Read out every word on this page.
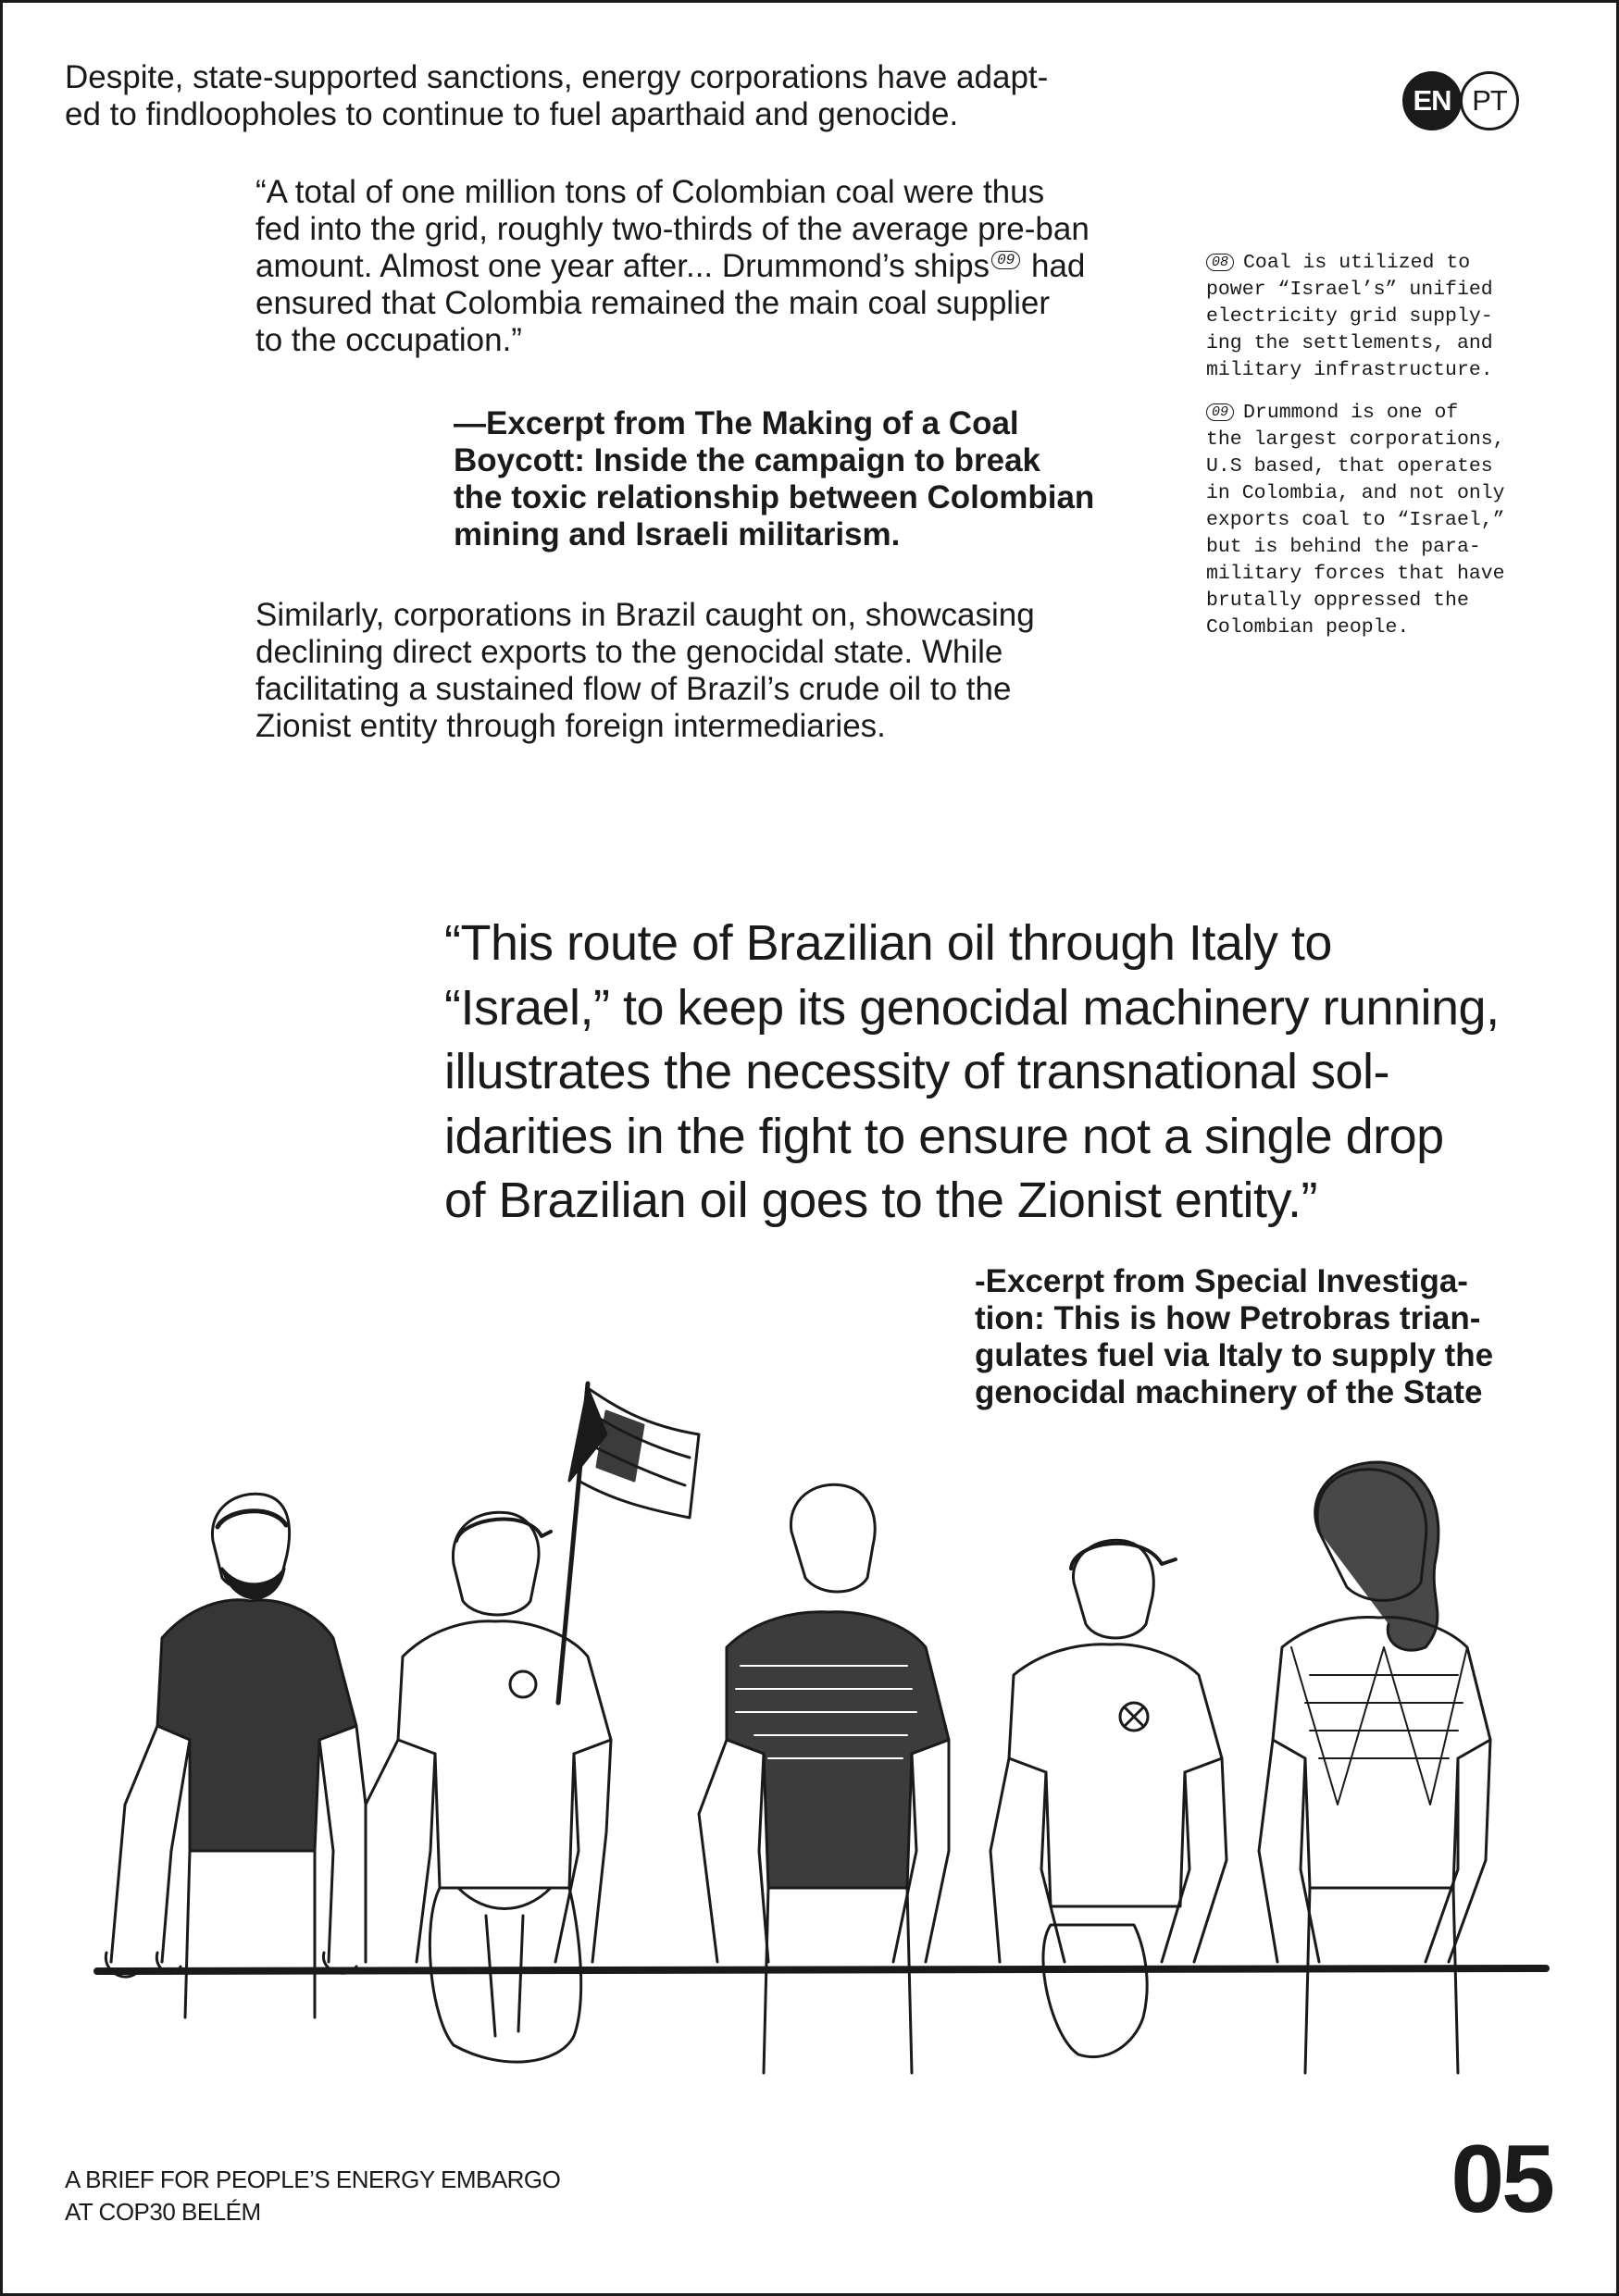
EN PT

Despite, state-supported sanctions, energy corporations have adapt-
ed to findloopholes to continue to fuel aparthaid and genocide.

“A total of one million tons of Colombian coal were thus
fed into the grid, roughly two-thirds of the average pre-ban
amount. Almost one year after... Drummond’s ships 09 had
ensured that Colombia remained the main coal supplier
to the occupation.”

—Excerpt from The Making of a Coal
Boycott: Inside the campaign to break
the toxic relationship between Colombian
mining and Israeli militarism.

Similarly, corporations in Brazil caught on, showcasing
declining direct exports to the genocidal state. While
facilitating a sustained flow of Brazil’s crude oil to the
Zionist entity through foreign intermediaries.

08 Coal is utilized to
power “Israel’s” unified
electricity grid supply-
ing the settlements, and
military infrastructure.

09 Drummond is one of
the largest corporations,
U.S based, that operates
in Colombia, and not only
exports coal to “Israel,”
but is behind the para-
military forces that have
brutally oppressed the
Colombian people.

“This route of Brazilian oil through Italy to
“Israel,” to keep its genocidal machinery running,
illustrates the necessity of transnational sol-
idarities in the fight to ensure not a single drop
of Brazilian oil goes to the Zionist entity.”

-Excerpt from Special Investiga-
tion: This is how Petrobras trian-
gulates fuel via Italy to supply the
genocidal machinery of the State

A BRIEF FOR PEOPLE’S ENERGY EMBARGO
AT COP30 BELÉM	05
